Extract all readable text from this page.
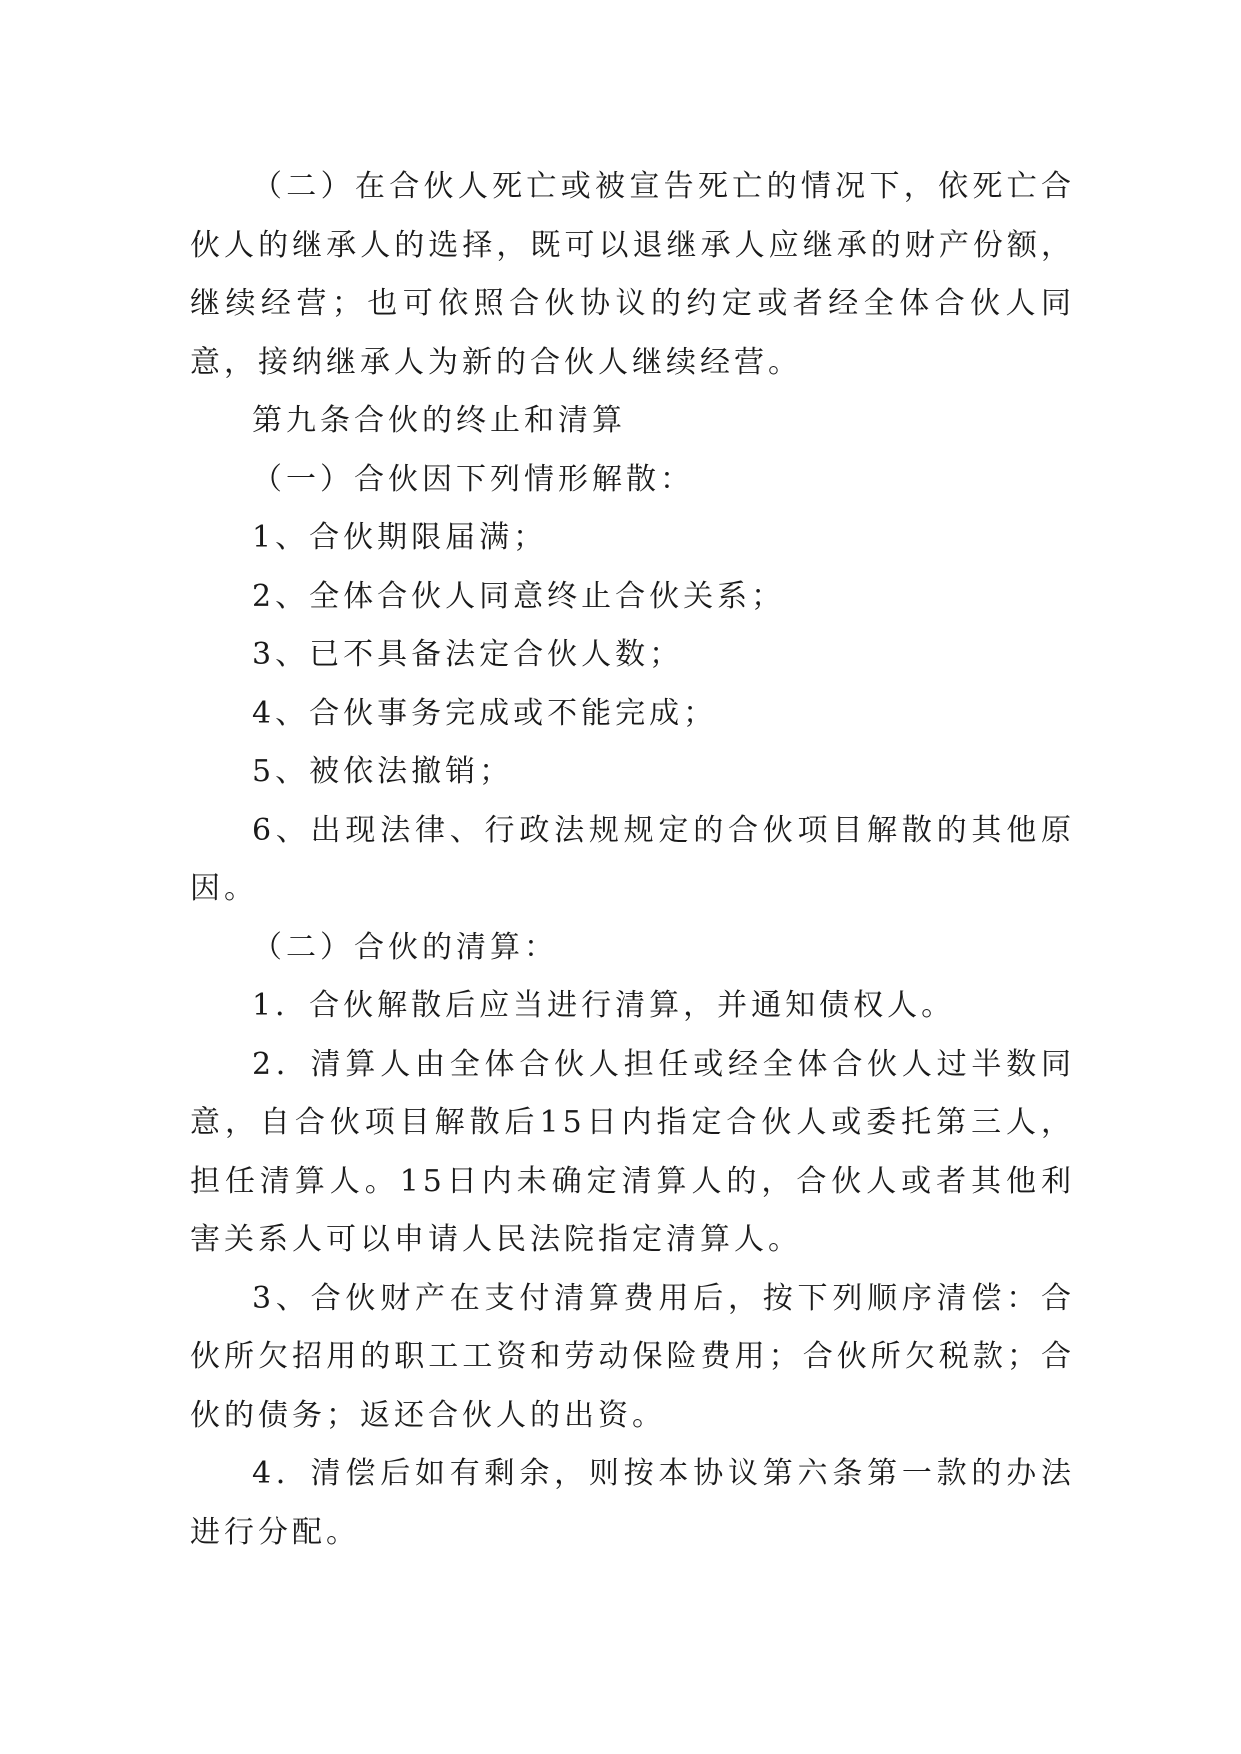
（二）在合伙人死亡或被宣告死亡的情况下，依死亡合伙人的继承人的选择，既可以退继承人应继承的财产份额，继续经营；也可依照合伙协议的约定或者经全体合伙人同意，接纳继承人为新的合伙人继续经营。

第九条合伙的终止和清算

（一）合伙因下列情形解散：

1、合伙期限届满；

2、全体合伙人同意终止合伙关系；

3、已不具备法定合伙人数；

4、合伙事务完成或不能完成；

5、被依法撤销；

6、出现法律、行政法规规定的合伙项目解散的其他原因。

（二）合伙的清算：

1．合伙解散后应当进行清算，并通知债权人。

2．清算人由全体合伙人担任或经全体合伙人过半数同意，自合伙项目解散后15日内指定合伙人或委托第三人，担任清算人。15日内未确定清算人的，合伙人或者其他利害关系人可以申请人民法院指定清算人。

3、合伙财产在支付清算费用后，按下列顺序清偿：合伙所欠招用的职工工资和劳动保险费用；合伙所欠税款；合伙的债务；返还合伙人的出资。

4．清偿后如有剩余，则按本协议第六条第一款的办法进行分配。
